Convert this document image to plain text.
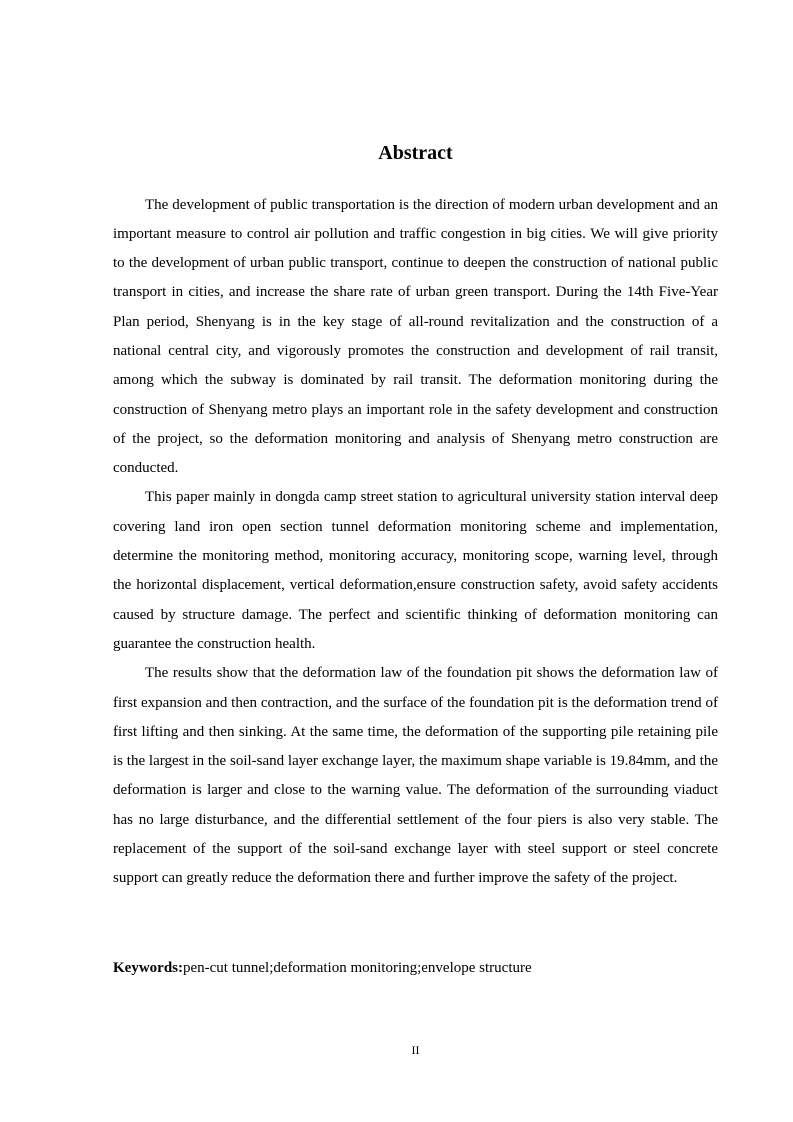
Abstract

The development of public transportation is the direction of modern urban development and an important measure to control air pollution and traffic congestion in big cities. We will give priority to the development of urban public transport, continue to deepen the construction of national public transport in cities, and increase the share rate of urban green transport. During the 14th Five-Year Plan period, Shenyang is in the key stage of all-round revitalization and the construction of a national central city, and vigorously promotes the construction and development of rail transit, among which the subway is dominated by rail transit. The deformation monitoring during the construction of Shenyang metro plays an important role in the safety development and construction of the project, so the deformation monitoring and analysis of Shenyang metro construction are conducted.

This paper mainly in dongda camp street station to agricultural university station interval deep covering land iron open section tunnel deformation monitoring scheme and implementation, determine the monitoring method, monitoring accuracy, monitoring scope, warning level, through the horizontal displacement, vertical deformation,ensure construction safety, avoid safety accidents caused by structure damage. The perfect and scientific thinking of deformation monitoring can guarantee the construction health.

The results show that the deformation law of the foundation pit shows the deformation law of first expansion and then contraction, and the surface of the foundation pit is the deformation trend of first lifting and then sinking. At the same time, the deformation of the supporting pile retaining pile is the largest in the soil-sand layer exchange layer, the maximum shape variable is 19.84mm, and the deformation is larger and close to the warning value. The deformation of the surrounding viaduct has no large disturbance, and the differential settlement of the four piers is also very stable. The replacement of the support of the soil-sand exchange layer with steel support or steel concrete support can greatly reduce the deformation there and further improve the safety of the project.

Keywords:pen-cut tunnel;deformation monitoring;envelope structure
II
